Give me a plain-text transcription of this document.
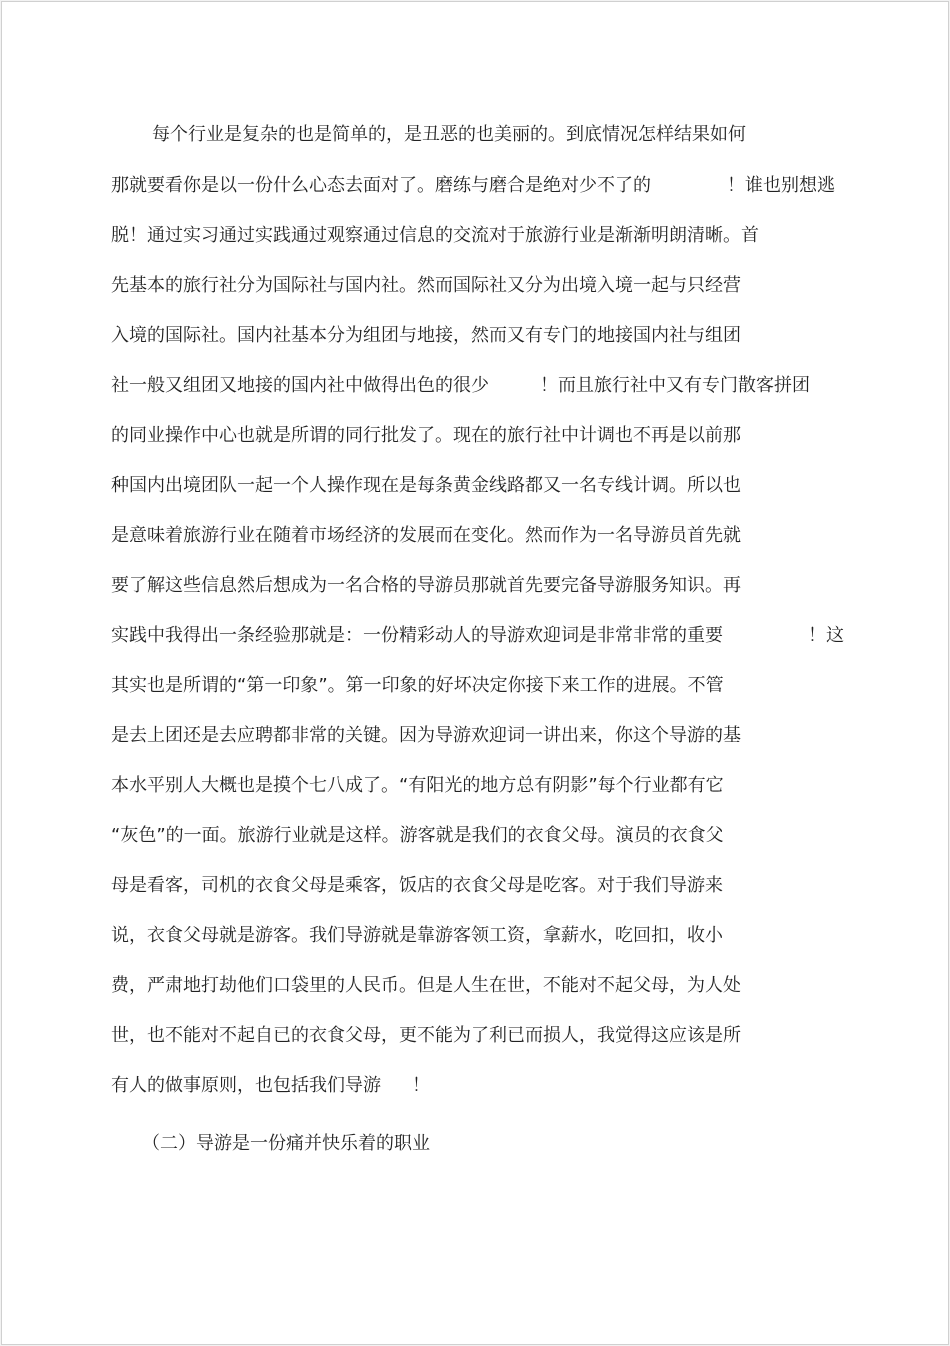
每个行业是复杂的也是简单的，是丑恶的也美丽的。到底情况怎样结果如何
那就要看你是以一份什么心态去面对了。磨练与磨合是绝对少不了的	！谁也别想逃
脱！通过实习通过实践通过观察通过信息的交流对于旅游行业是渐渐明朗清晰。首
先基本的旅行社分为国际社与国内社。然而国际社又分为出境入境一起与只经营
入境的国际社。国内社基本分为组团与地接，然而又有专门的地接国内社与组团
社一般又组团又地接的国内社中做得出色的很少	！而且旅行社中又有专门散客拼团
的同业操作中心也就是所谓的同行批发了。现在的旅行社中计调也不再是以前那
种国内出境团队一起一个人操作现在是每条黄金线路都又一名专线计调。所以也
是意味着旅游行业在随着市场经济的发展而在变化。然而作为一名导游员首先就
要了解这些信息然后想成为一名合格的导游员那就首先要完备导游服务知识。再
实践中我得出一条经验那就是：一份精彩动人的导游欢迎词是非常非常的重要	！这
其实也是所谓的“第一印象”。第一印象的好坏决定你接下来工作的进展。不管
是去上团还是去应聘都非常的关键。因为导游欢迎词一讲出来，你这个导游的基
本水平别人大概也是摸个七八成了。“有阳光的地方总有阴影”每个行业都有它
“灰色”的一面。旅游行业就是这样。游客就是我们的衣食父母。演员的衣食父
母是看客，司机的衣食父母是乘客，饭店的衣食父母是吃客。对于我们导游来
说，衣食父母就是游客。我们导游就是靠游客领工资，拿薪水，吃回扣，收小
费，严肃地打劫他们口袋里的人民币。但是人生在世，不能对不起父母，为人处
世，也不能对不起自已的衣食父母，更不能为了利已而损人，我觉得这应该是所
有人的做事原则，也包括我们导游 ！
（二）导游是一份痛并快乐着的职业
